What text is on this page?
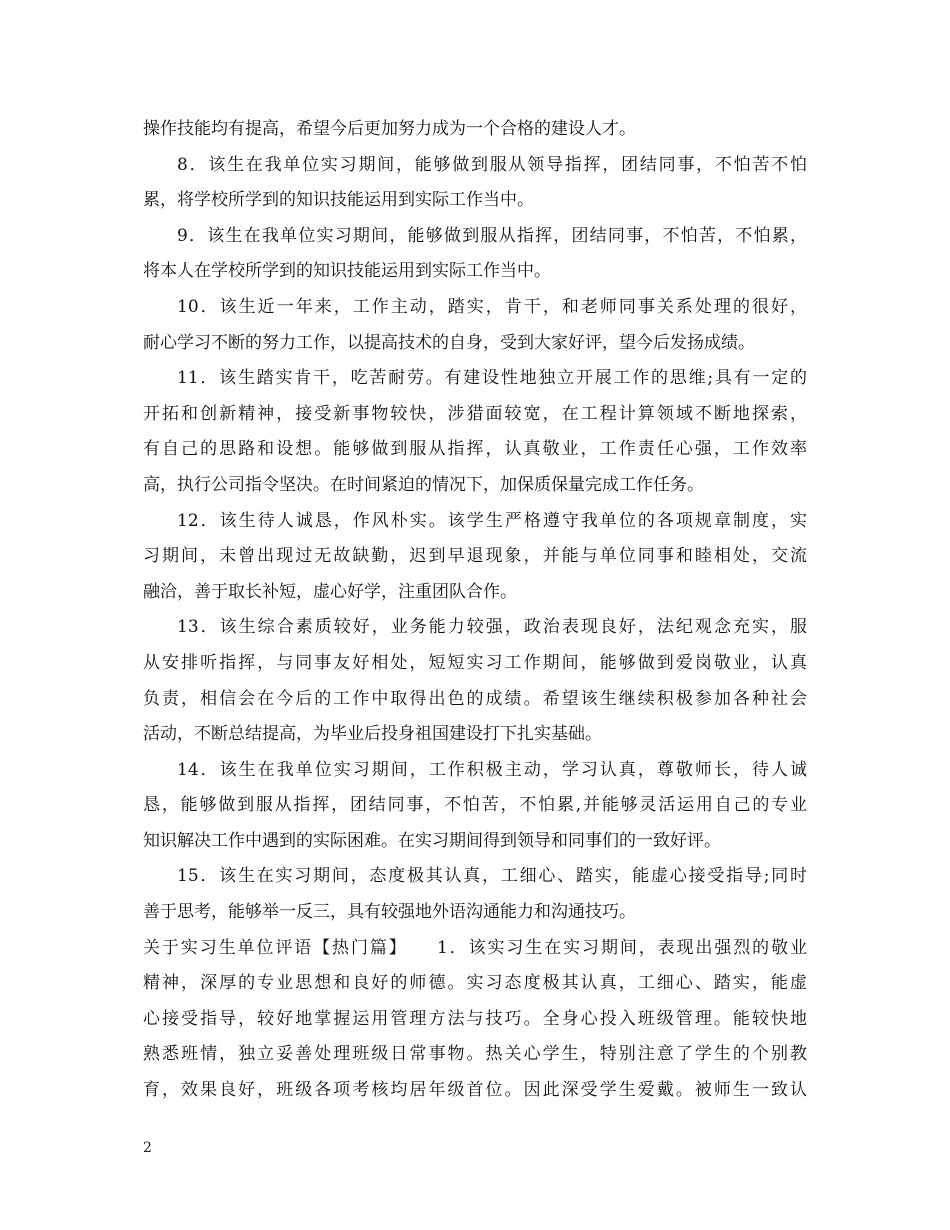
操作技能均有提高，希望今后更加努力成为一个合格的建设人才。
8．该生在我单位实习期间，能够做到服从领导指挥，团结同事，不怕苦不怕
累，将学校所学到的知识技能运用到实际工作当中。
9．该生在我单位实习期间，能够做到服从指挥，团结同事，不怕苦，不怕累，
将本人在学校所学到的知识技能运用到实际工作当中。
10．该生近一年来，工作主动，踏实，肯干，和老师同事关系处理的很好，
耐心学习不断的努力工作，以提高技术的自身，受到大家好评，望今后发扬成绩。
11．该生踏实肯干，吃苦耐劳。有建设性地独立开展工作的思维;具有一定的
开拓和创新精神，接受新事物较快，涉猎面较宽，在工程计算领域不断地探索，
有自己的思路和设想。能够做到服从指挥，认真敬业，工作责任心强，工作效率
高，执行公司指令坚决。在时间紧迫的情况下，加保质保量完成工作任务。
12．该生待人诚恳，作风朴实。该学生严格遵守我单位的各项规章制度，实
习期间，未曾出现过无故缺勤，迟到早退现象，并能与单位同事和睦相处，交流
融洽，善于取长补短，虚心好学，注重团队合作。
13．该生综合素质较好，业务能力较强，政治表现良好，法纪观念充实，服
从安排听指挥，与同事友好相处，短短实习工作期间，能够做到爱岗敬业，认真
负责，相信会在今后的工作中取得出色的成绩。希望该生继续积极参加各种社会
活动，不断总结提高，为毕业后投身祖国建设打下扎实基础。
14．该生在我单位实习期间，工作积极主动，学习认真，尊敬师长，待人诚
恳，能够做到服从指挥，团结同事，不怕苦，不怕累,并能够灵活运用自己的专业
知识解决工作中遇到的实际困难。在实习期间得到领导和同事们的一致好评。
15．该生在实习期间，态度极其认真，工细心、踏实，能虚心接受指导;同时
善于思考，能够举一反三，具有较强地外语沟通能力和沟通技巧。
关于实习生单位评语【热门篇】　　1．该实习生在实习期间，表现出强烈的敬业
精神，深厚的专业思想和良好的师德。实习态度极其认真，工细心、踏实，能虚
心接受指导，较好地掌握运用管理方法与技巧。全身心投入班级管理。能较快地
熟悉班情，独立妥善处理班级日常事物。热关心学生，特别注意了学生的个别教
育，效果良好，班级各项考核均居年级首位。因此深受学生爱戴。被师生一致认
2
